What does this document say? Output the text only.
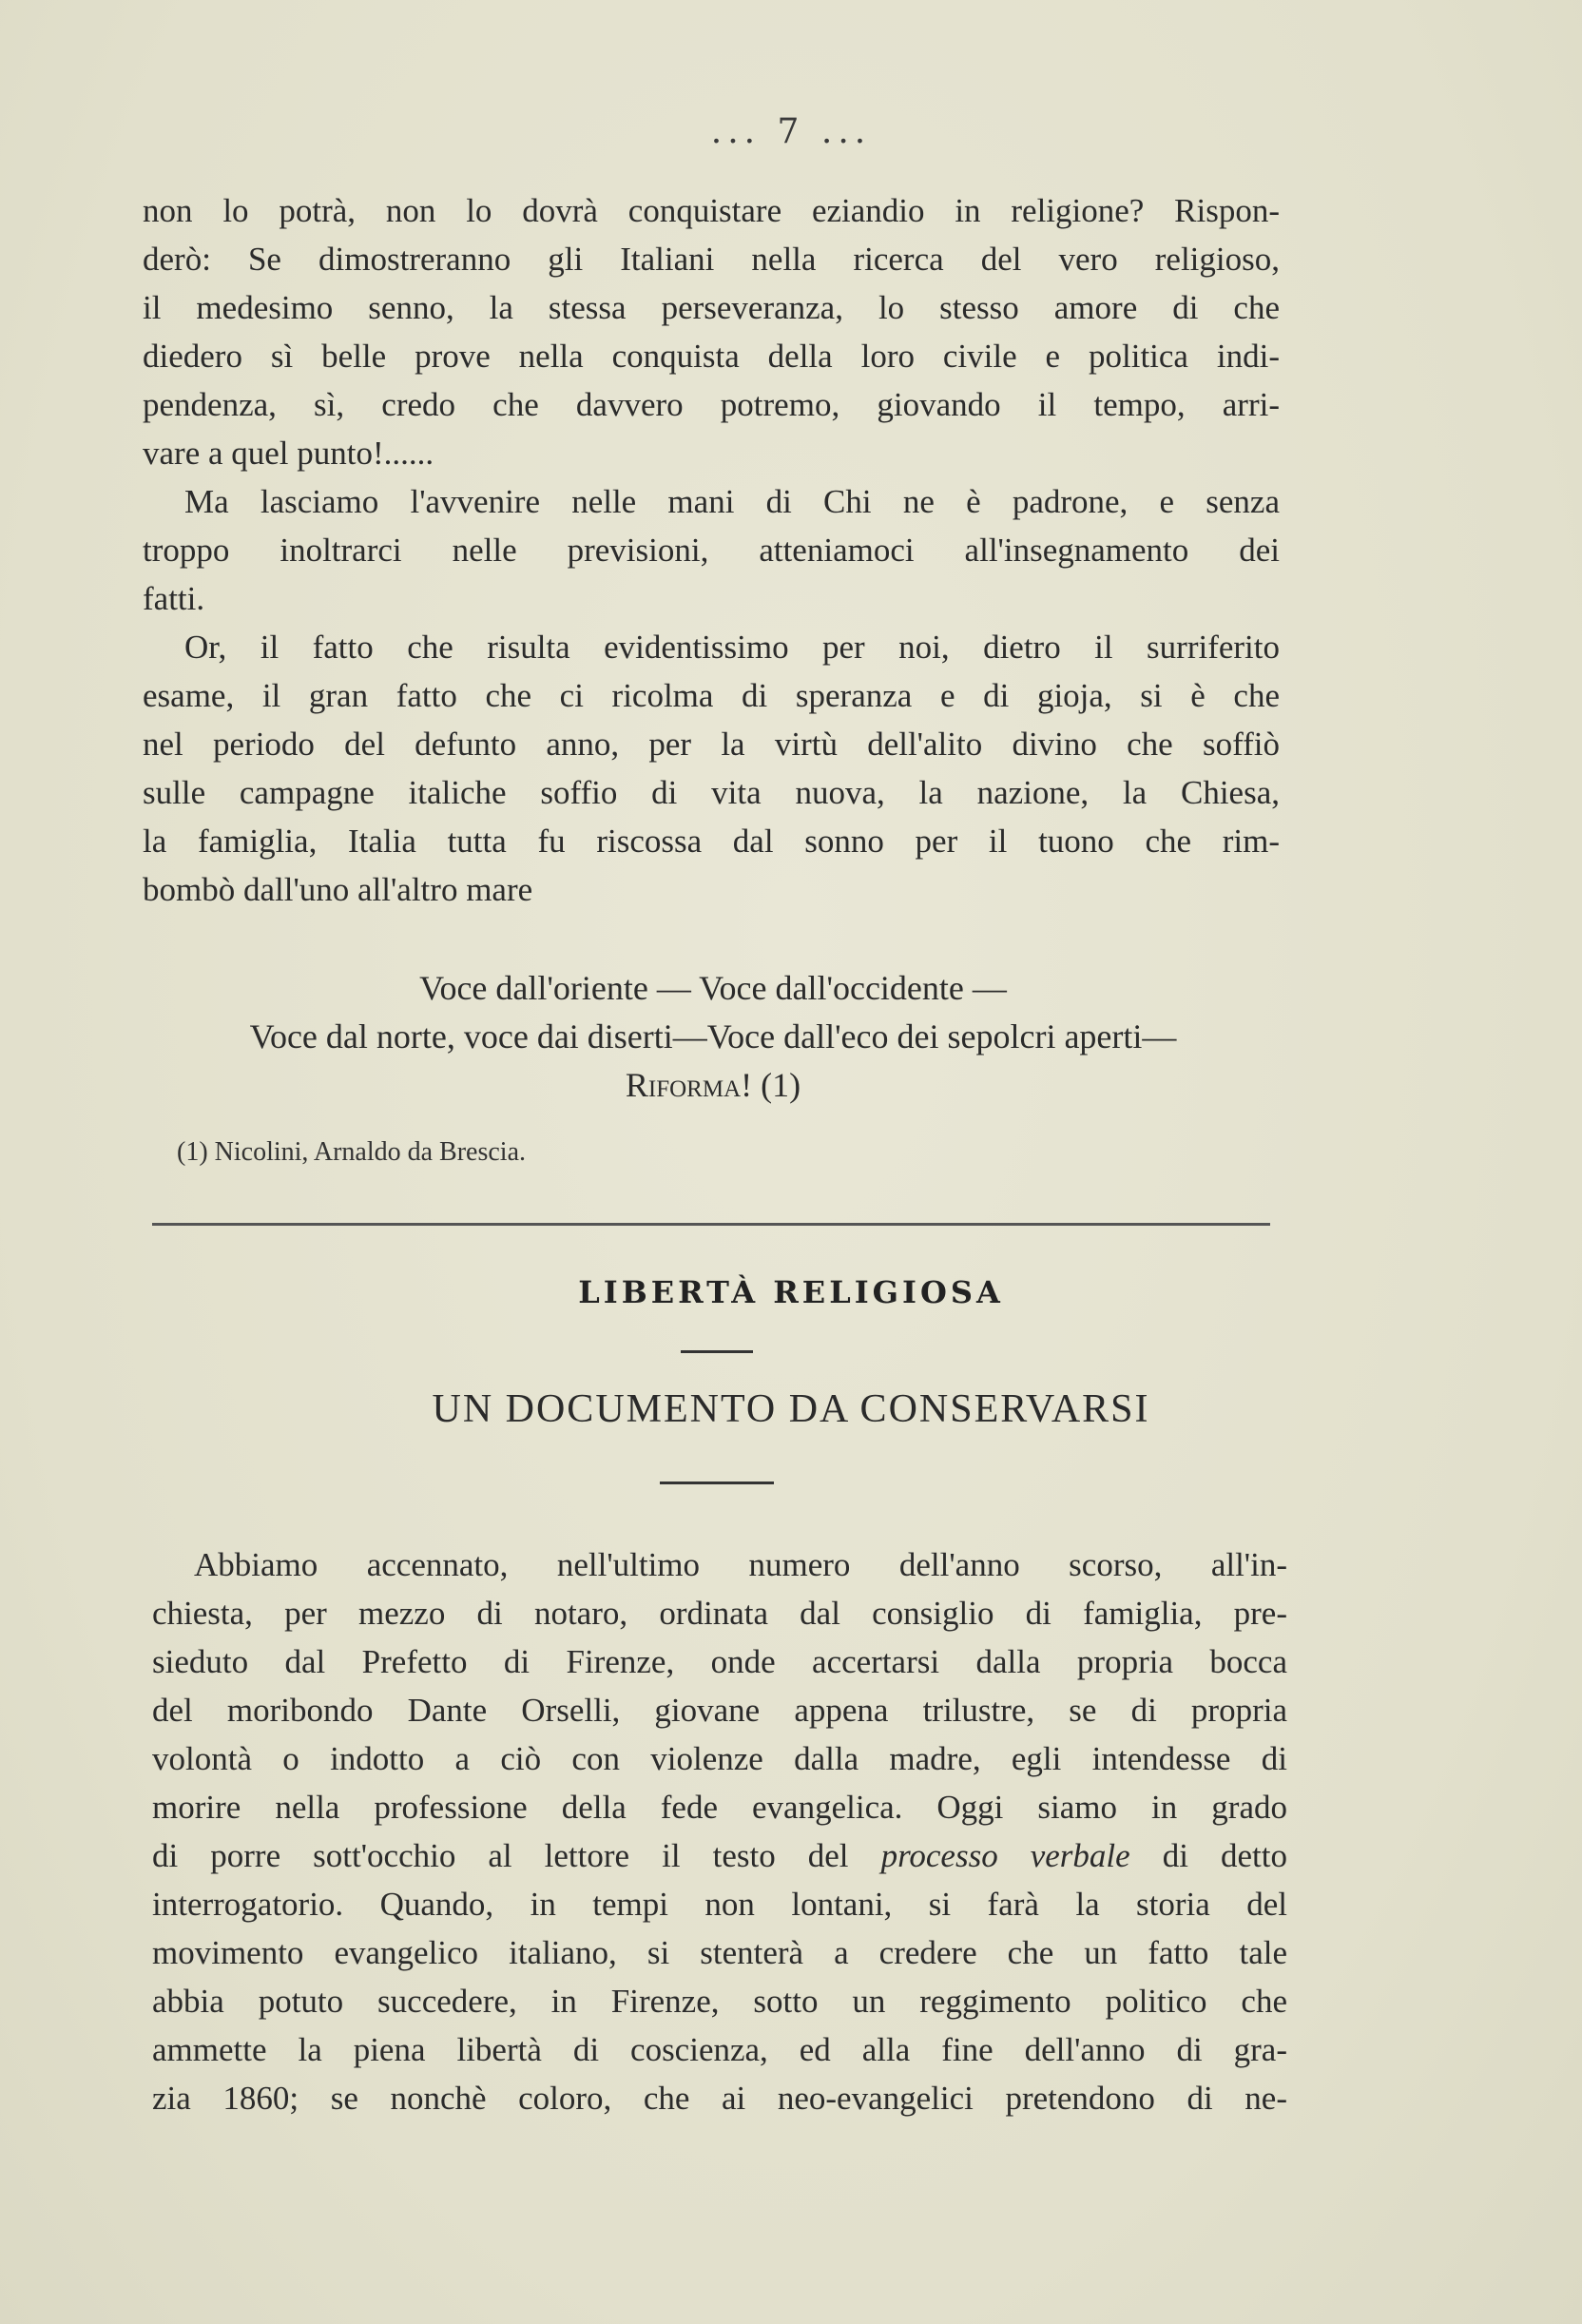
... 7 ...
non lo potrà, non lo dovrà conquistare eziandio in religione? Rispon-
derò: Se dimostreranno gli Italiani nella ricerca del vero religioso,
il medesimo senno, la stessa perseveranza, lo stesso amore di che
diedero sì belle prove nella conquista della loro civile e politica indi-
pendenza, sì, credo che davvero potremo, giovando il tempo, arri-
vare a quel punto!......
Ma lasciamo l'avvenire nelle mani di Chi ne è padrone, e senza
troppo inoltrarci nelle previsioni, atteniamoci all'insegnamento dei
fatti.
Or, il fatto che risulta evidentissimo per noi, dietro il surriferito
esame, il gran fatto che ci ricolma di speranza e di gioja, si è che
nel periodo del defunto anno, per la virtù dell'alito divino che soffiò
sulle campagne italiche soffio di vita nuova, la nazione, la Chiesa,
la famiglia, Italia tutta fu riscossa dal sonno per il tuono che rim-
bombò dall'uno all'altro mare
Voce dall'oriente — Voce dall'occidente —
Voce dal norte, voce dai diserti—Voce dall'eco dei sepolcri aperti—
Riforma! (1)
(1) Nicolini, Arnaldo da Brescia.
LIBERTÀ RELIGIOSA
UN DOCUMENTO DA CONSERVARSI
Abbiamo accennato, nell'ultimo numero dell'anno scorso, all'in-
chiesta, per mezzo di notaro, ordinata dal consiglio di famiglia, pre-
sieduto dal Prefetto di Firenze, onde accertarsi dalla propria bocca
del moribondo Dante Orselli, giovane appena trilustre, se di propria
volontà o indotto a ciò con violenze dalla madre, egli intendesse di
morire nella professione della fede evangelica. Oggi siamo in grado
di porre sott'occhio al lettore il testo del processo verbale di detto
interrogatorio. Quando, in tempi non lontani, si farà la storia del
movimento evangelico italiano, si stenterà a credere che un fatto tale
abbia potuto succedere, in Firenze, sotto un reggimento politico che
ammette la piena libertà di coscienza, ed alla fine dell'anno di gra-
zia 1860; se nonchè coloro, che ai neo-evangelici pretendono di ne-
